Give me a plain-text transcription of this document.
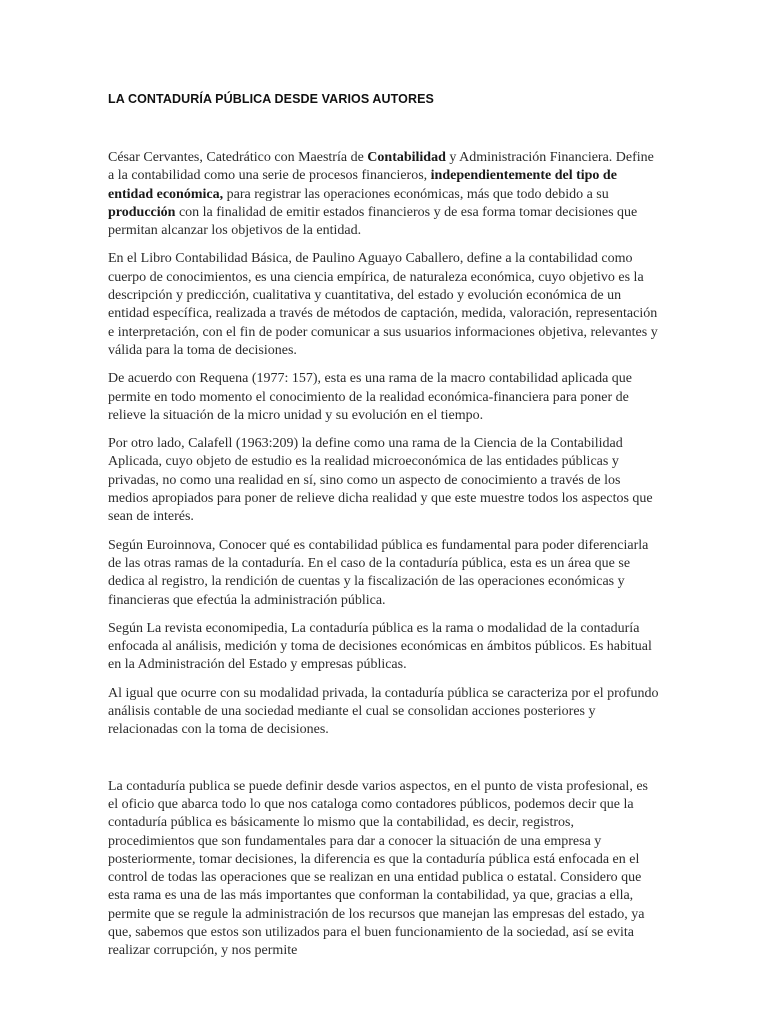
LA CONTADURÍA PÚBLICA DESDE VARIOS AUTORES

César Cervantes, Catedrático con Maestría de Contabilidad y Administración Financiera. Define a la contabilidad como una serie de procesos financieros, independientemente del tipo de entidad económica, para registrar las operaciones económicas, más que todo debido a su producción con la finalidad de emitir estados financieros y de esa forma tomar decisiones que permitan alcanzar los objetivos de la entidad.

En el Libro Contabilidad Básica, de Paulino Aguayo Caballero, define a la contabilidad como cuerpo de conocimientos, es una ciencia empírica, de naturaleza económica, cuyo objetivo es la descripción y predicción, cualitativa y cuantitativa, del estado y evolución económica de un entidad específica, realizada a través de métodos de captación, medida, valoración, representación e interpretación, con el fin de poder comunicar a sus usuarios informaciones objetiva, relevantes y válida para la toma de decisiones.

De acuerdo con Requena (1977: 157), esta es una rama de la macro contabilidad aplicada que permite en todo momento el conocimiento de la realidad económica-financiera para poner de relieve la situación de la micro unidad y su evolución en el tiempo.

Por otro lado, Calafell (1963:209) la define como una rama de la Ciencia de la Contabilidad Aplicada, cuyo objeto de estudio es la realidad microeconómica de las entidades públicas y privadas, no como una realidad en sí, sino como un aspecto de conocimiento a través de los medios apropiados para poner de relieve dicha realidad y que este muestre todos los aspectos que sean de interés.

Según Euroinnova, Conocer qué es contabilidad pública es fundamental para poder diferenciarla de las otras ramas de la contaduría. En el caso de la contaduría pública, esta es un área que se dedica al registro, la rendición de cuentas y la fiscalización de las operaciones económicas y financieras que efectúa la administración pública.

Según La revista economipedia, La contaduría pública es la rama o modalidad de la contaduría enfocada al análisis, medición y toma de decisiones económicas en ámbitos públicos. Es habitual en la Administración del Estado y empresas públicas.

Al igual que ocurre con su modalidad privada, la contaduría pública se caracteriza por el profundo análisis contable de una sociedad mediante el cual se consolidan acciones posteriores y relacionadas con la toma de decisiones.

La contaduría publica se puede definir desde varios aspectos, en el punto de vista profesional, es el oficio que abarca todo lo que nos cataloga como contadores públicos, podemos decir que la contaduría pública es básicamente lo mismo que la contabilidad, es decir, registros, procedimientos que son fundamentales para dar a conocer la situación de una empresa y posteriormente, tomar decisiones, la diferencia es que la contaduría pública está enfocada en el control de todas las operaciones que se realizan en una entidad publica o estatal. Considero que esta rama es una de las más importantes que conforman la contabilidad, ya que, gracias a ella, permite que se regule la administración de los recursos que manejan las empresas del estado, ya que, sabemos que estos son utilizados para el buen funcionamiento de la sociedad, así se evita realizar corrupción, y nos permite
